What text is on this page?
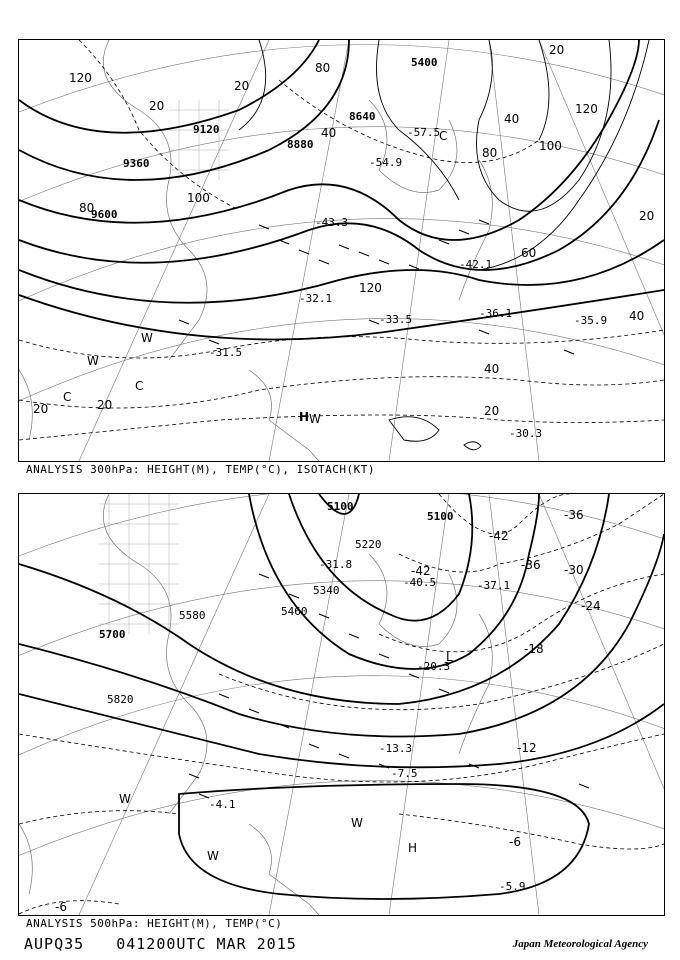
8640
8880
9120
9360
9600
5400
20
120
20
20
80
40
80
40
120
100
60
20
40
80
100
120
40
20
20
20
-57.5
-54.9
-43.3
-42.1
-36.1
-35.9
-33.5
-32.1
-31.5
-30.3
H
C
C
C
W
W
W
ANALYSIS 300hPa: HEIGHT(M), TEMP(°C), ISOTACH(KT)
5100
5100
5220
5340
5460
5580
5700
5820
-36
-42
-42	-36 -30
-24
-18
-12
-6
-6
-40.5	-37.1
-31.8
-20.3
-13.3
-7.5
-5.9
-4.1
L
H
W
W
W
ANALYSIS 500hPa: HEIGHT(M), TEMP(°C)
AUPQ35 041200UTC MAR 2015	Japan Meteorological Agency
